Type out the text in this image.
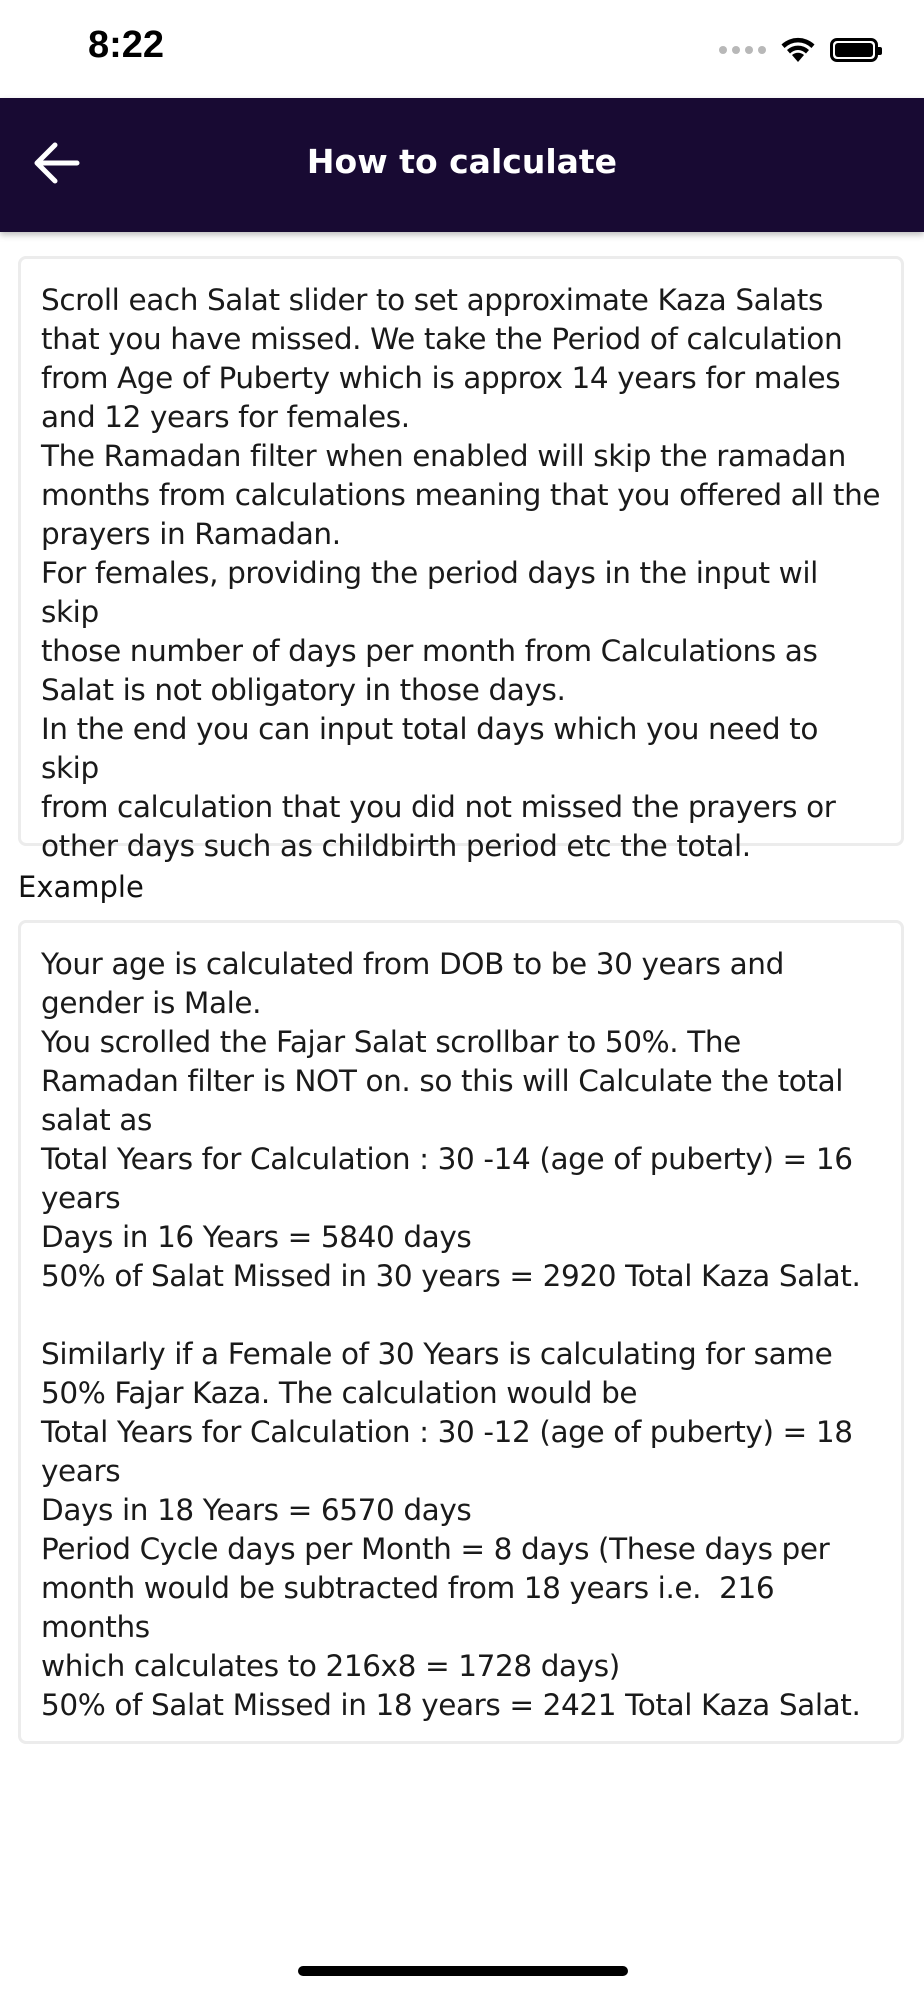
8:22
How to calculate

Scroll each Salat slider to set approximate Kaza Salats
that you have missed. We take the Period of calculation
from Age of Puberty which is approx 14 years for males
and 12 years for females.
The Ramadan filter when enabled will skip the ramadan
months from calculations meaning that you offered all the
prayers in Ramadan.
For females, providing the period days in the input wil skip
those number of days per month from Calculations as
Salat is not obligatory in those days.
In the end you can input total days which you need to skip
from calculation that you did not missed the prayers or
other days such as childbirth period etc the total.

Example

Your age is calculated from DOB to be 30 years and
gender is Male.
You scrolled the Fajar Salat scrollbar to 50%. The
Ramadan filter is NOT on. so this will Calculate the total
salat as
Total Years for Calculation : 30 -14 (age of puberty) = 16
years
Days in 16 Years = 5840 days
50% of Salat Missed in 30 years = 2920 Total Kaza Salat.

Similarly if a Female of 30 Years is calculating for same
50% Fajar Kaza. The calculation would be
Total Years for Calculation : 30 -12 (age of puberty) = 18
years
Days in 18 Years = 6570 days
Period Cycle days per Month = 8 days (These days per
month would be subtracted from 18 years i.e.  216 months
which calculates to 216x8 = 1728 days)
50% of Salat Missed in 18 years = 2421 Total Kaza Salat.
